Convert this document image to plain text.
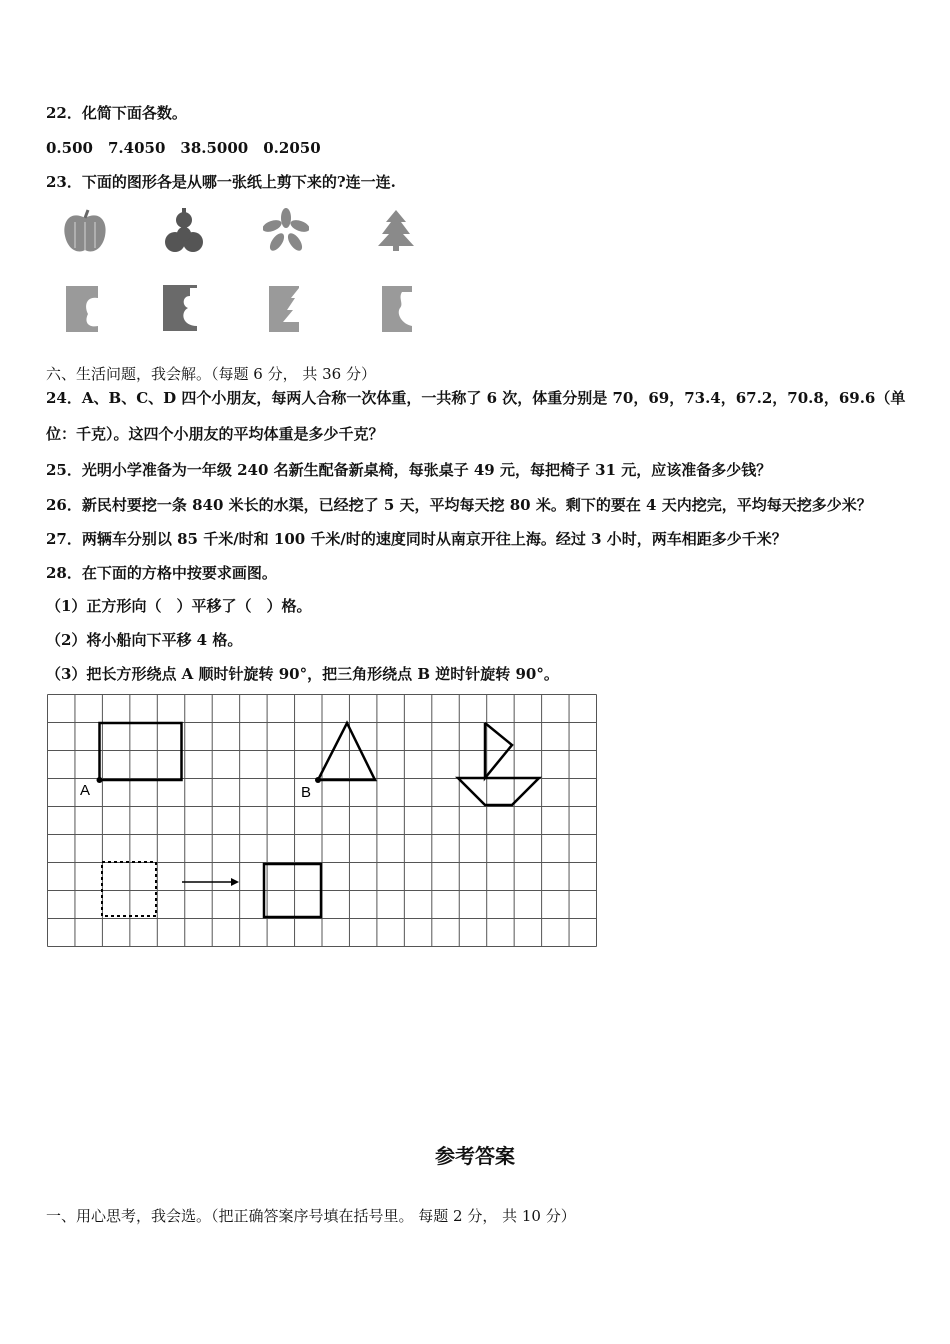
22．化简下面各数。
0.500　7.4050　38.5000　0.2050
23．下面的图形各是从哪一张纸上剪下来的?连一连.
六、生活问题，我会解。（每题 6 分， 共 36 分）
24．A、B、C、D 四个小朋友，每两人合称一次体重，一共称了 6 次，体重分别是 70，69，73.4，67.2，70.8，69.6（单位：千克）。这四个小朋友的平均体重是多少千克？
25．光明小学准备为一年级 240 名新生配备新桌椅，每张桌子 49 元，每把椅子 31 元，应该准备多少钱？
26．新民村要挖一条 840 米长的水渠，已经挖了 5 天，平均每天挖 80 米。剩下的要在 4 天内挖完，平均每天挖多少米？
27．两辆车分别以 85 千米/时和 100 千米/时的速度同时从南京开往上海。经过 3 小时，两车相距多少千米？
28．在下面的方格中按要求画图。
（1）正方形向（　）平移了（　）格。
（2）将小船向下平移 4 格。
（3）把长方形绕点 A 顺时针旋转 90°，把三角形绕点 B 逆时针旋转 90°。
A	B
参考答案
一、用心思考，我会选。（把正确答案序号填在括号里。 每题 2 分， 共 10 分）
